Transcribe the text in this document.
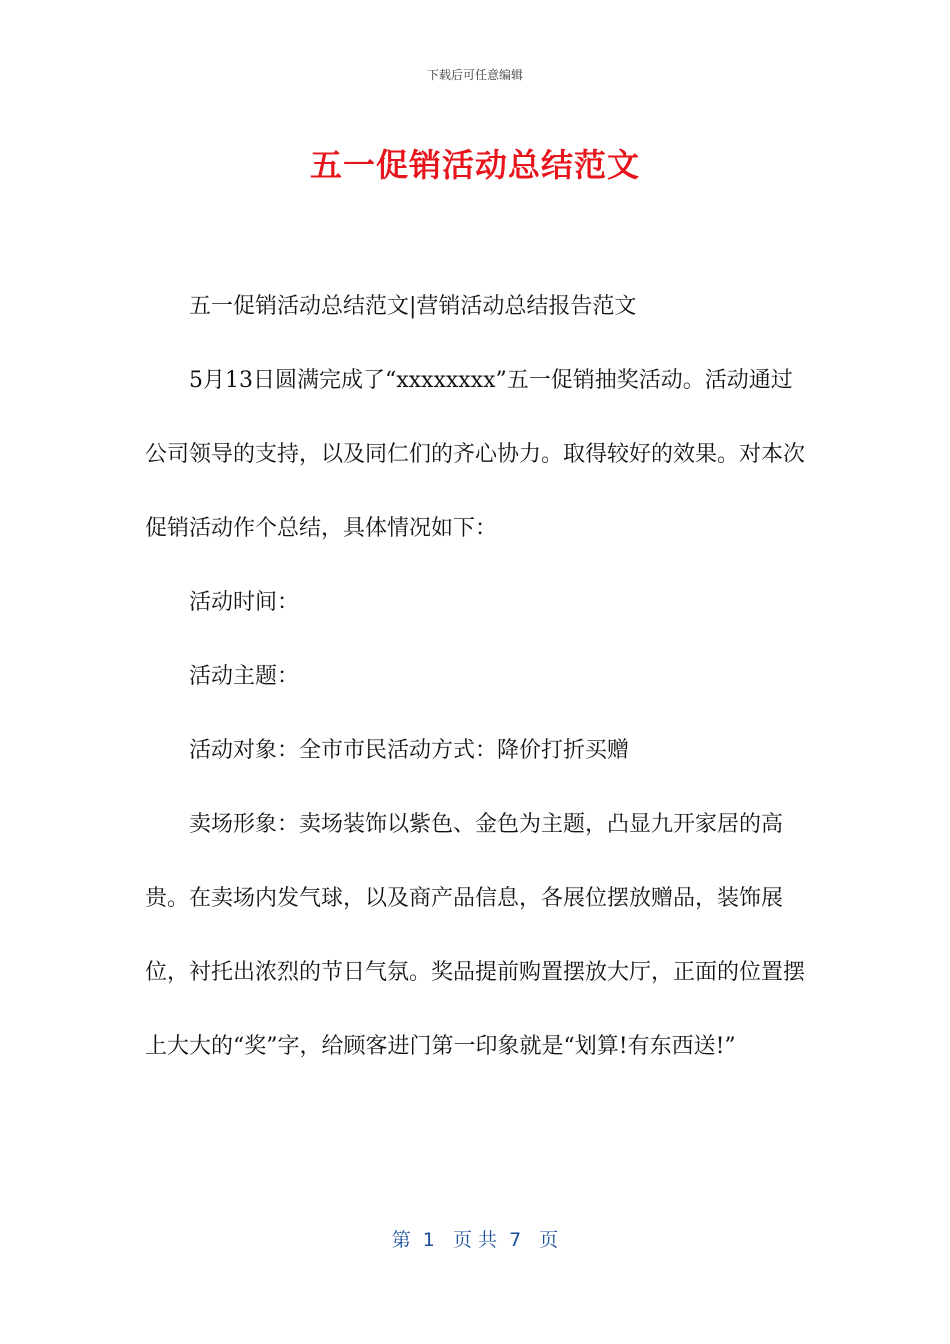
下载后可任意编辑
五一促销活动总结范文

五一促销活动总结范文|营销活动总结报告范文

5月13日圆满完成了“xxxxxxxx”五一促销抽奖活动。活动通过公司领导的支持，以及同仁们的齐心协力。取得较好的效果。对本次促销活动作个总结，具体情况如下：

活动时间：

活动主题：

活动对象：全市市民活动方式：降价打折买赠

卖场形象：卖场装饰以紫色、金色为主题，凸显九开家居的高贵。在卖场内发气球，以及商产品信息，各展位摆放赠品，装饰展位，衬托出浓烈的节日气氛。奖品提前购置摆放大厅，正面的位置摆上大大的“奖”字，给顾客进门第一印象就是“划算!有东西送!”

第  1   页 共  7   页
